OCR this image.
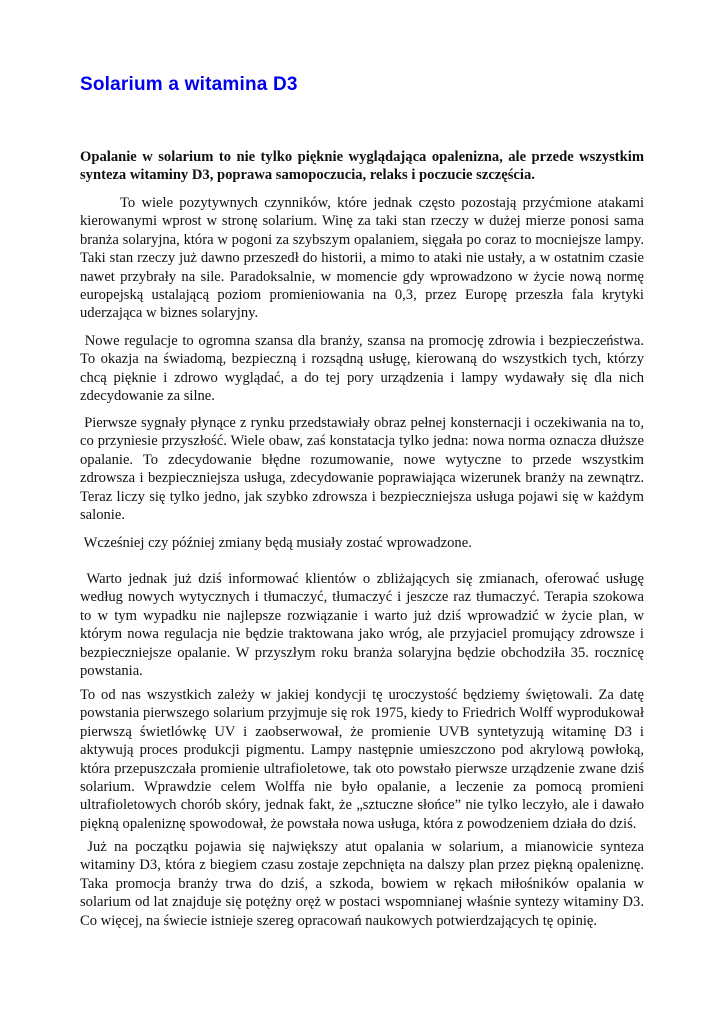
Solarium a witamina D3

Opalanie w solarium to nie tylko pięknie wyglądająca opalenizna, ale przede wszystkim synteza witaminy D3, poprawa samopoczucia, relaks i poczucie szczęścia.

To wiele pozytywnych czynników, które jednak często pozostają przyćmione atakami kierowanymi wprost w stronę solarium. Winę za taki stan rzeczy w dużej mierze ponosi sama branża solaryjna, która w pogoni za szybszym opalaniem, sięgała po coraz to mocniejsze lampy. Taki stan rzeczy już dawno przeszedł do historii, a mimo to ataki nie ustały, a w ostatnim czasie nawet przybrały na sile. Paradoksalnie, w momencie gdy wprowadzono w życie nową normę europejską ustalającą poziom promieniowania na 0,3, przez Europę przeszła fala krytyki uderzająca w biznes solaryjny.

Nowe regulacje to ogromna szansa dla branży, szansa na promocję zdrowia i bezpieczeństwa. To okazja na świadomą, bezpieczną i rozsądną usługę, kierowaną do wszystkich tych, którzy chcą pięknie i zdrowo wyglądać, a do tej pory urządzenia i lampy wydawały się dla nich zdecydowanie za silne.

Pierwsze sygnały płynące z rynku przedstawiały obraz pełnej konsternacji i oczekiwania na to, co przyniesie przyszłość. Wiele obaw, zaś konstatacja tylko jedna: nowa norma oznacza dłuższe opalanie. To zdecydowanie błędne rozumowanie, nowe wytyczne to przede wszystkim zdrowsza i bezpieczniejsza usługa, zdecydowanie poprawiająca wizerunek branży na zewnątrz. Teraz liczy się tylko jedno, jak szybko zdrowsza i bezpieczniejsza usługa pojawi się w każdym salonie.

Wcześniej czy później zmiany będą musiały zostać wprowadzone.

Warto jednak już dziś informować klientów o zbliżających się zmianach, oferować usługę według nowych wytycznych i tłumaczyć, tłumaczyć i jeszcze raz tłumaczyć. Terapia szokowa to w tym wypadku nie najlepsze rozwiązanie i warto już dziś wprowadzić w życie plan, w którym nowa regulacja nie będzie traktowana jako wróg, ale przyjaciel promujący zdrowsze i bezpieczniejsze opalanie. W przyszłym roku branża solaryjna będzie obchodziła 35. rocznicę powstania.

To od nas wszystkich zależy w jakiej kondycji tę uroczystość będziemy świętowali. Za datę powstania pierwszego solarium przyjmuje się rok 1975, kiedy to Friedrich Wolff wyprodukował pierwszą świetlówkę UV i zaobserwował, że promienie UVB syntetyzują witaminę D3 i aktywują proces produkcji pigmentu. Lampy następnie umieszczono pod akrylową powłoką, która przepuszczała promienie ultrafioletowe, tak oto powstało pierwsze urządzenie zwane dziś solarium. Wprawdzie celem Wolffa nie było opalanie, a leczenie za pomocą promieni ultrafioletowych chorób skóry, jednak fakt, że „sztuczne słońce” nie tylko leczyło, ale i dawało piękną opaleniznę spowodował, że powstała nowa usługa, która z powodzeniem działa do dziś.

Już na początku pojawia się największy atut opalania w solarium, a mianowicie synteza witaminy D3, która z biegiem czasu zostaje zepchnięta na dalszy plan przez piękną opaleniznę. Taka promocja branży trwa do dziś, a szkoda, bowiem w rękach miłośników opalania w solarium od lat znajduje się potężny oręż w postaci wspomnianej właśnie syntezy witaminy D3. Co więcej, na świecie istnieje szereg opracowań naukowych potwierdzających tę opinię.
